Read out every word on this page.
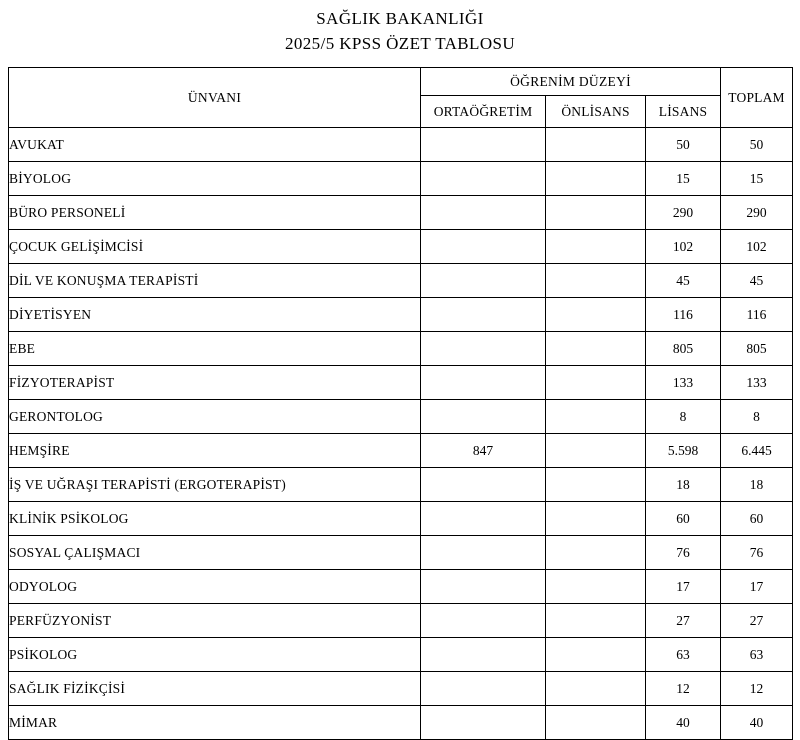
SAĞLIK BAKANLIĞI
2025/5 KPSS ÖZET TABLOSU
ÜNVANI	ÖĞRENİM DÜZEYİ			TOPLAM
	ORTAÖĞRETİM	ÖNLİSANS	LİSANS	
AVUKAT			50	50
BİYOLOG			15	15
BÜRO PERSONELİ			290	290
ÇOCUK GELİŞİMCİSİ			102	102
DİL VE KONUŞMA TERAPİSTİ			45	45
DİYETİSYEN			116	116
EBE			805	805
FİZYOTERAPİST			133	133
GERONTOLOG			8	8
HEMŞİRE	847		5.598	6.445
İŞ VE UĞRAŞI TERAPİSTİ (ERGOTERAPİST)			18	18
KLİNİK PSİKOLOG			60	60
SOSYAL ÇALIŞMACI			76	76
ODYOLOG			17	17
PERFÜZYONİST			27	27
PSİKOLOG			63	63
SAĞLIK FİZİKÇİSİ			12	12
MİMAR			40	40
